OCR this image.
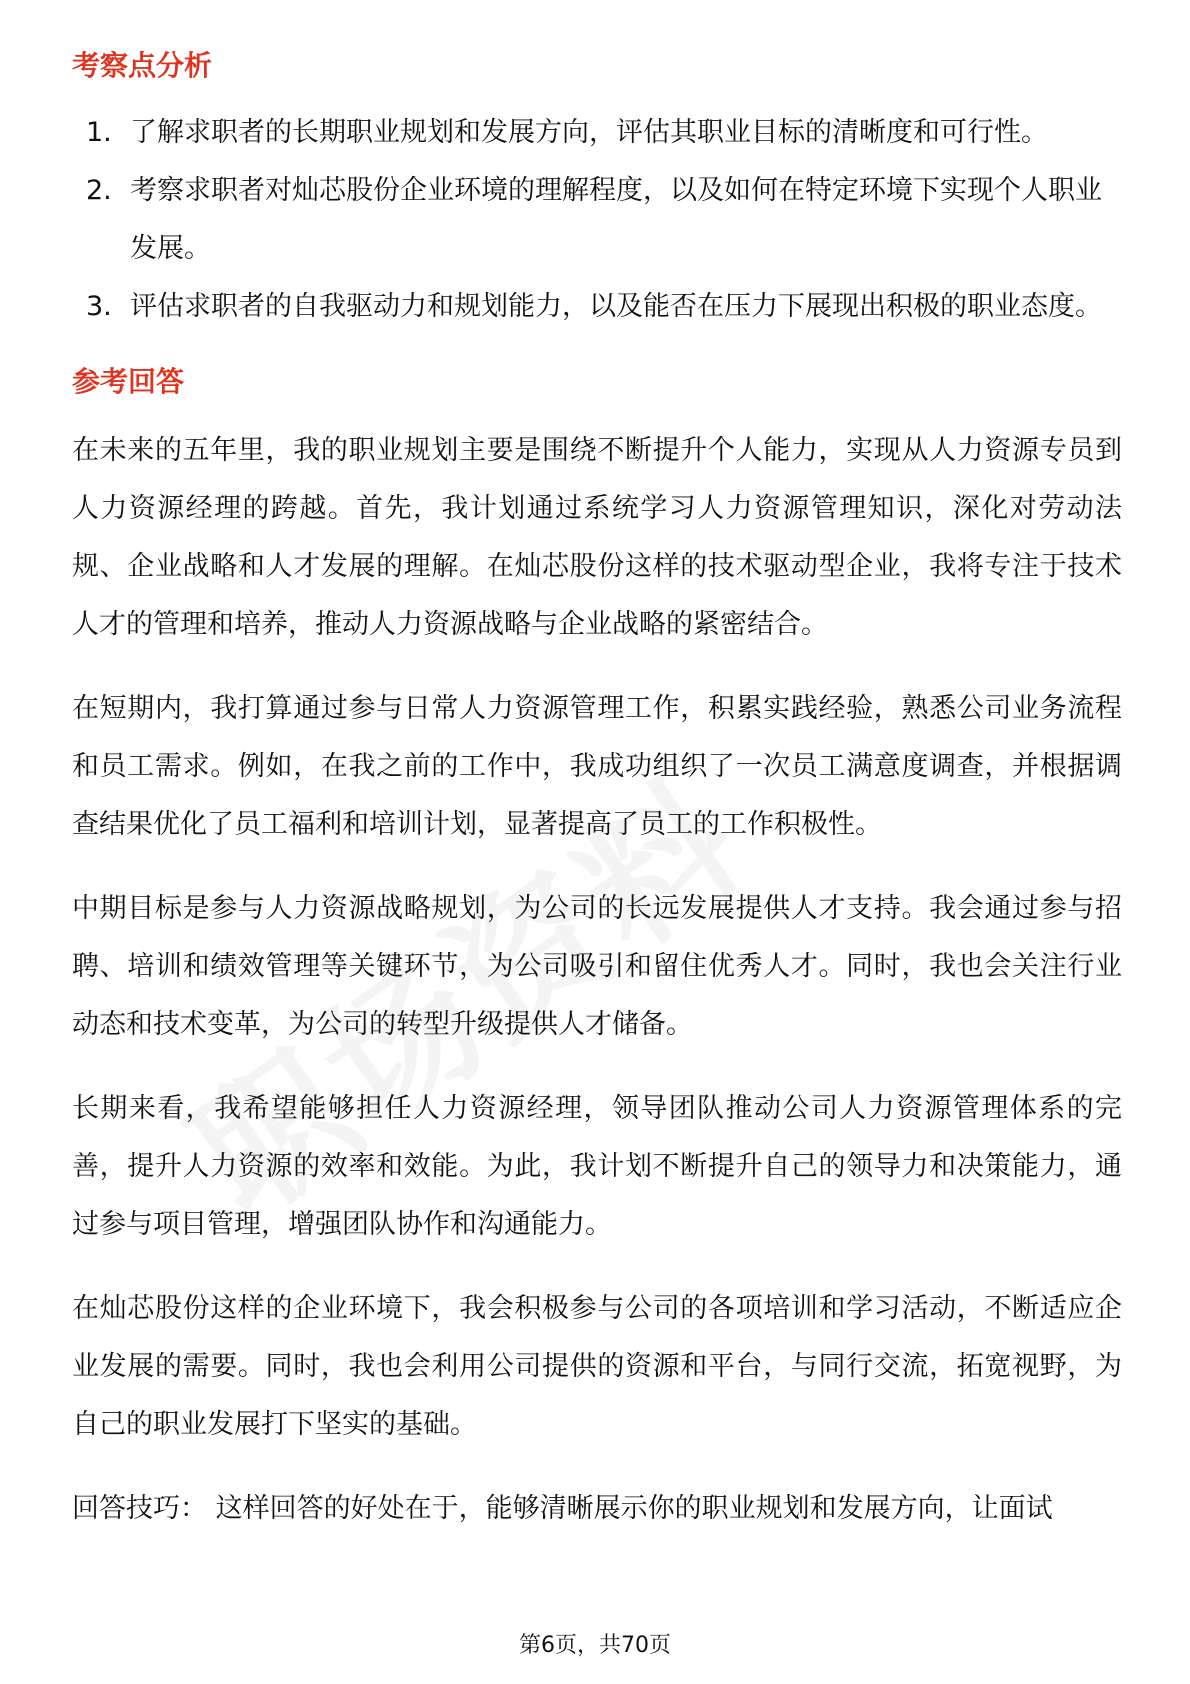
考察点分析
1. 了解求职者的长期职业规划和发展方向，评估其职业目标的清晰度和可行性。
2. 考察求职者对灿芯股份企业环境的理解程度，以及如何在特定环境下实现个人职业发展。
3. 评估求职者的自我驱动力和规划能力，以及能否在压力下展现出积极的职业态度。
参考回答

在未来的五年里，我的职业规划主要是围绕不断提升个人能力，实现从人力资源专员到人力资源经理的跨越。首先，我计划通过系统学习人力资源管理知识，深化对劳动法规、企业战略和人才发展的理解。在灿芯股份这样的技术驱动型企业，我将专注于技术人才的管理和培养，推动人力资源战略与企业战略的紧密结合。

在短期内，我打算通过参与日常人力资源管理工作，积累实践经验，熟悉公司业务流程和员工需求。例如，在我之前的工作中，我成功组织了一次员工满意度调查，并根据调查结果优化了员工福利和培训计划，显著提高了员工的工作积极性。

中期目标是参与人力资源战略规划，为公司的长远发展提供人才支持。我会通过参与招聘、培训和绩效管理等关键环节，为公司吸引和留住优秀人才。同时，我也会关注行业动态和技术变革，为公司的转型升级提供人才储备。

长期来看，我希望能够担任人力资源经理，领导团队推动公司人力资源管理体系的完善，提升人力资源的效率和效能。为此，我计划不断提升自己的领导力和决策能力，通过参与项目管理，增强团队协作和沟通能力。

在灿芯股份这样的企业环境下，我会积极参与公司的各项培训和学习活动，不断适应企业发展的需要。同时，我也会利用公司提供的资源和平台，与同行交流，拓宽视野，为自己的职业发展打下坚实的基础。

回答技巧： 这样回答的好处在于，能够清晰展示你的职业规划和发展方向，让面试

第6页，共70页
